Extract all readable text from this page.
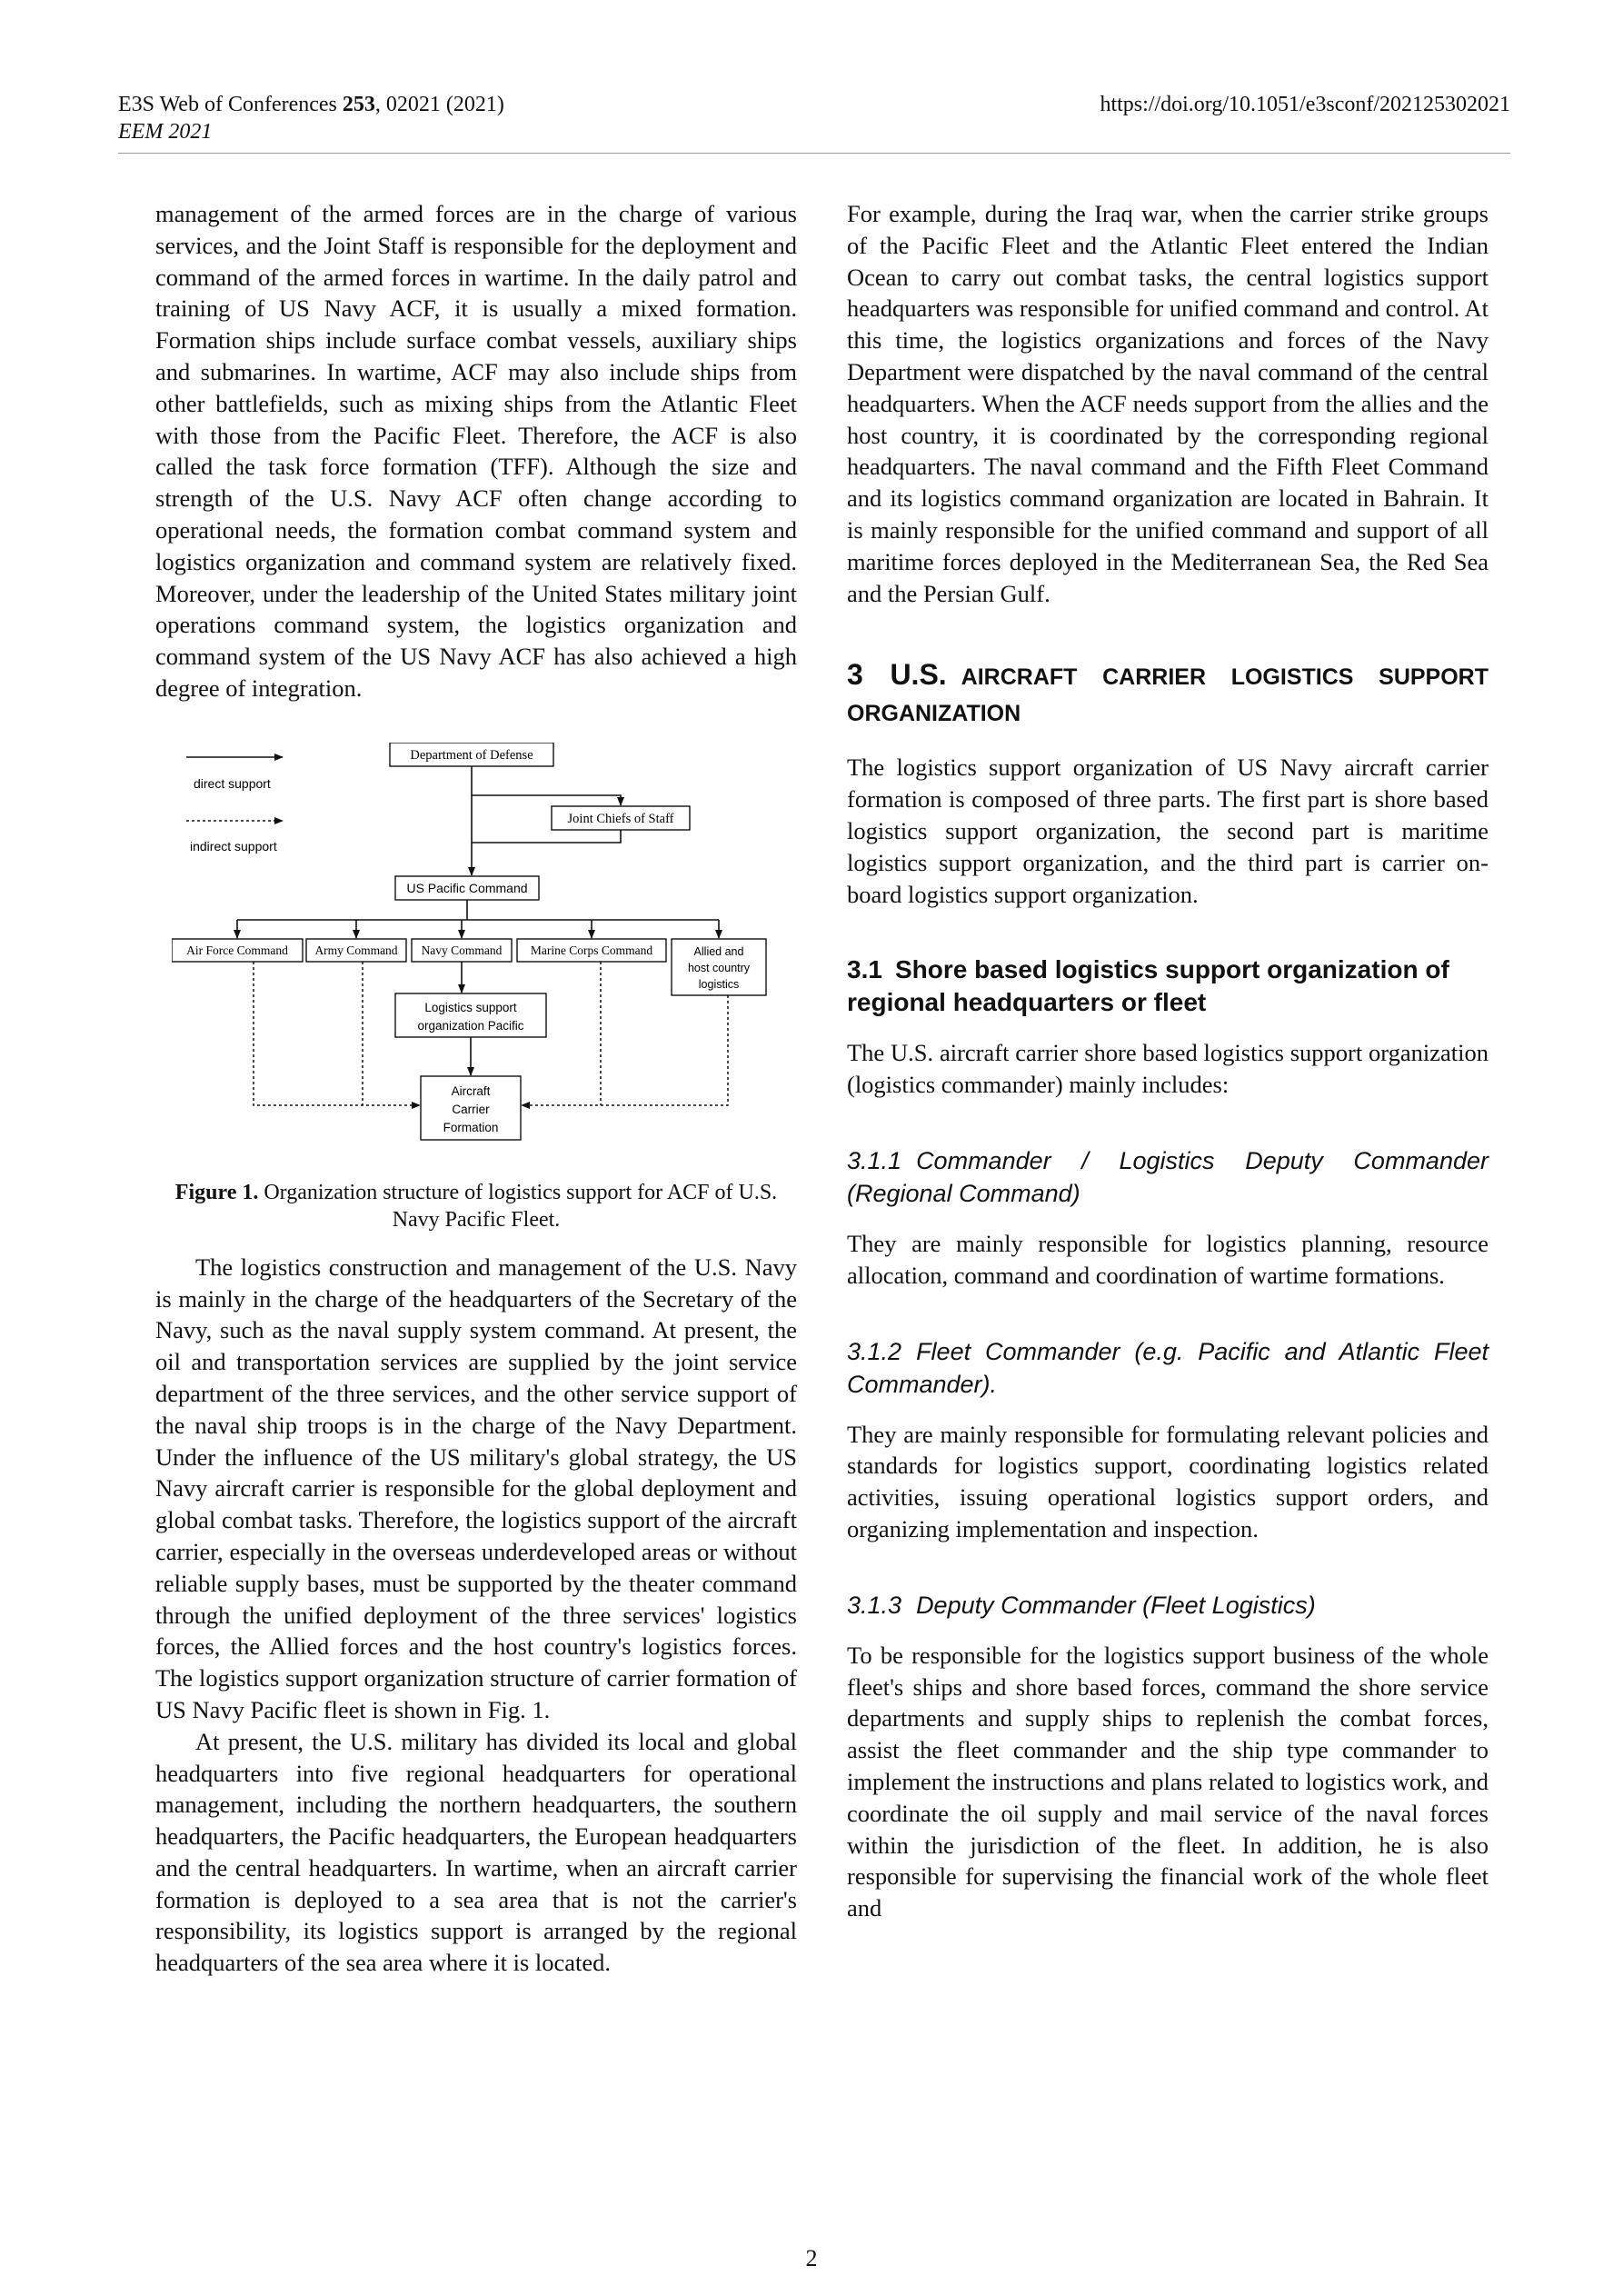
E3S Web of Conferences 253, 02021 (2021)
EEM 2021
https://doi.org/10.1051/e3sconf/202125302021

management of the armed forces are in the charge of various services, and the Joint Staff is responsible for the deployment and command of the armed forces in wartime. In the daily patrol and training of US Navy ACF, it is usually a mixed formation. Formation ships include surface combat vessels, auxiliary ships and submarines. In wartime, ACF may also include ships from other battlefields, such as mixing ships from the Atlantic Fleet with those from the Pacific Fleet. Therefore, the ACF is also called the task force formation (TFF). Although the size and strength of the U.S. Navy ACF often change according to operational needs, the formation combat command system and logistics organization and command system are relatively fixed. Moreover, under the leadership of the United States military joint operations command system, the logistics organization and command system of the US Navy ACF has also achieved a high degree of integration.

direct support
indirect support
Department of Defense
Joint Chiefs of Staff
US Pacific Command
Air Force Command Army Command Navy Command Marine Corps Command	Allied and
host country
logistics
Logistics support
organization Pacific
Aircraft
Carrier
Formation
Figure 1. Organization structure of logistics support for ACF of U.S. Navy Pacific Fleet.

The logistics construction and management of the U.S. Navy is mainly in the charge of the headquarters of the Secretary of the Navy, such as the naval supply system command. At present, the oil and transportation services are supplied by the joint service department of the three services, and the other service support of the naval ship troops is in the charge of the Navy Department. Under the influence of the US military's global strategy, the US Navy aircraft carrier is responsible for the global deployment and global combat tasks. Therefore, the logistics support of the aircraft carrier, especially in the overseas underdeveloped areas or without reliable supply bases, must be supported by the theater command through the unified deployment of the three services' logistics forces, the Allied forces and the host country's logistics forces. The logistics support organization structure of carrier formation of US Navy Pacific fleet is shown in Fig. 1.

At present, the U.S. military has divided its local and global headquarters into five regional headquarters for operational management, including the northern headquarters, the southern headquarters, the Pacific headquarters, the European headquarters and the central headquarters. In wartime, when an aircraft carrier formation is deployed to a sea area that is not the carrier's responsibility, its logistics support is arranged by the regional headquarters of the sea area where it is located.

For example, during the Iraq war, when the carrier strike groups of the Pacific Fleet and the Atlantic Fleet entered the Indian Ocean to carry out combat tasks, the central logistics support headquarters was responsible for unified command and control. At this time, the logistics organizations and forces of the Navy Department were dispatched by the naval command of the central headquarters. When the ACF needs support from the allies and the host country, it is coordinated by the corresponding regional headquarters. The naval command and the Fifth Fleet Command and its logistics command organization are located in Bahrain. It is mainly responsible for the unified command and support of all maritime forces deployed in the Mediterranean Sea, the Red Sea and the Persian Gulf.

3 U.S. AIRCRAFT CARRIER LOGISTICS SUPPORT ORGANIZATION

The logistics support organization of US Navy aircraft carrier formation is composed of three parts. The first part is shore based logistics support organization, the second part is maritime logistics support organization, and the third part is carrier on-board logistics support organization.

3.1 Shore based logistics support organization of regional headquarters or fleet

The U.S. aircraft carrier shore based logistics support organization (logistics commander) mainly includes:

3.1.1 Commander / Logistics Deputy Commander (Regional Command)

They are mainly responsible for logistics planning, resource allocation, command and coordination of wartime formations.

3.1.2 Fleet Commander (e.g. Pacific and Atlantic Fleet Commander).

They are mainly responsible for formulating relevant policies and standards for logistics support, coordinating logistics related activities, issuing operational logistics support orders, and organizing implementation and inspection.

3.1.3 Deputy Commander (Fleet Logistics)

To be responsible for the logistics support business of the whole fleet's ships and shore based forces, command the shore service departments and supply ships to replenish the combat forces, assist the fleet commander and the ship type commander to implement the instructions and plans related to logistics work, and coordinate the oil supply and mail service of the naval forces within the jurisdiction of the fleet. In addition, he is also responsible for supervising the financial work of the whole fleet and

2
